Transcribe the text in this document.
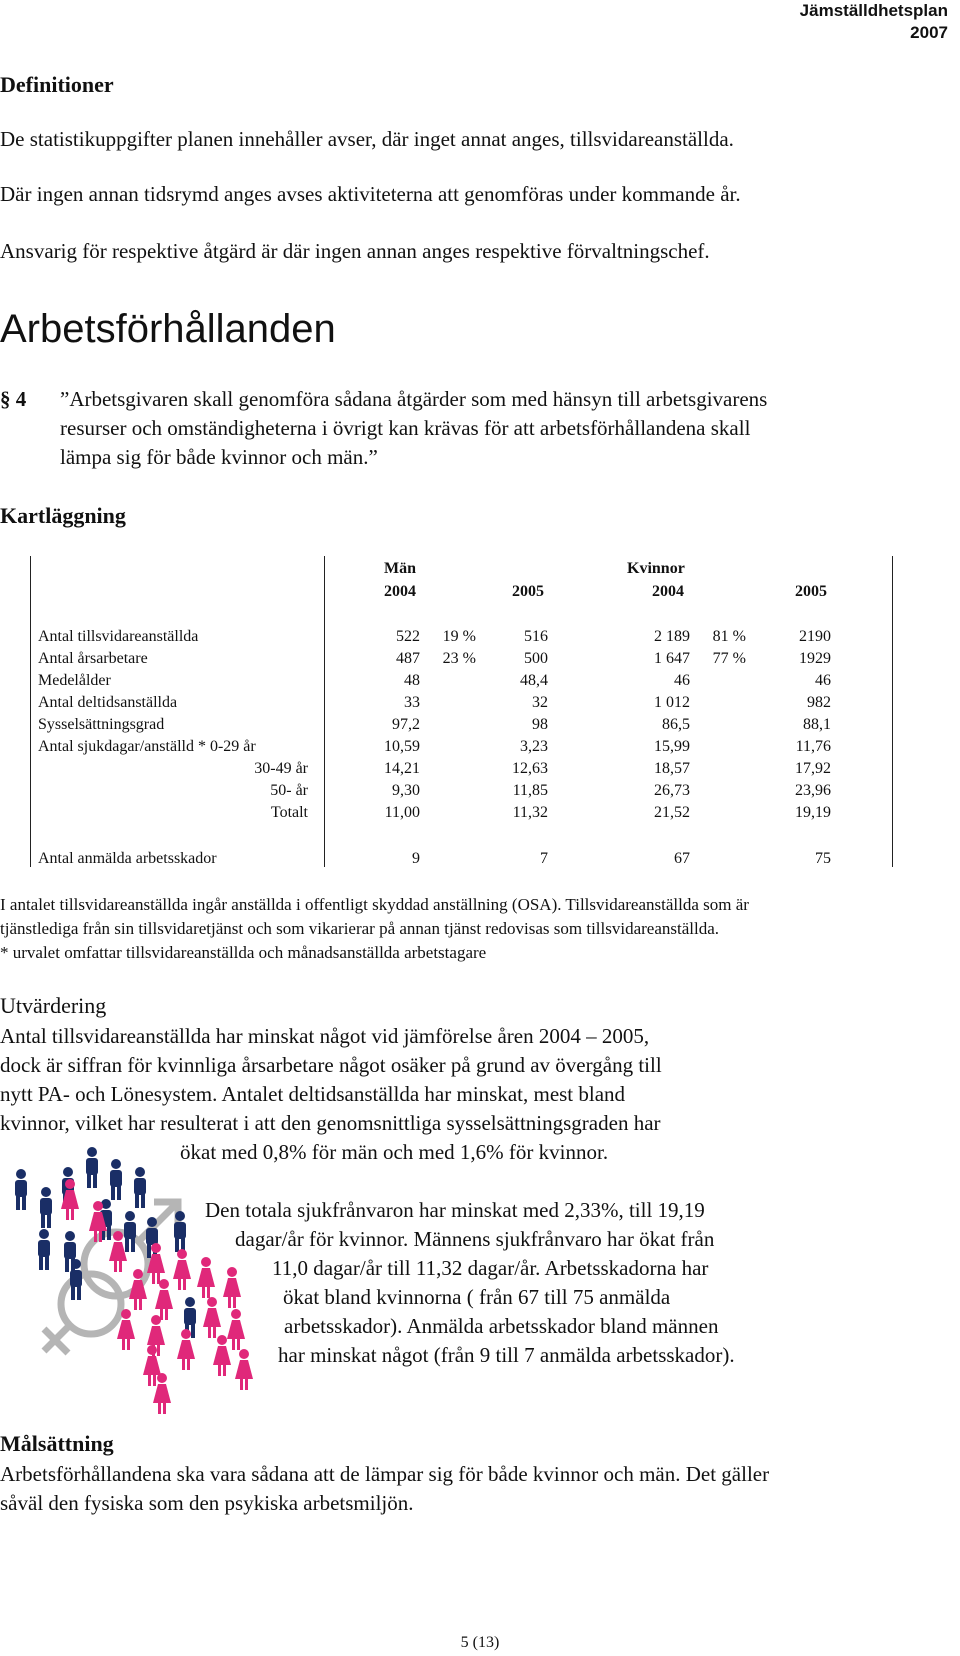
Jämställdhetsplan
2007
Definitioner
De statistikuppgifter planen innehåller avser, där inget annat anges, tillsvidareanställda.
Där ingen annan tidsrymd anges avses aktiviteterna att genomföras under kommande år.
Ansvarig för respektive åtgärd är där ingen annan anges respektive förvaltningschef.
Arbetsförhållanden
§ 4	”Arbetsgivaren skall genomföra sådana åtgärder som med hänsyn till arbetsgivarens
resurser och omständigheterna i övrigt kan krävas för att arbetsförhållandena skall
lämpa sig för både kvinnor och män.”
Kartläggning
Män	Kvinnor
2004	2005	2004	2005
Antal tillsvidareanställda	522 19 %	516	2 189 81 %	2190
Antal årsarbetare	487 23 %	500	1 647 77 %	1929
Medelålder	48	48,4	46	46
Antal deltidsanställda	33	32	1 012	982
Sysselsättningsgrad	97,2	98	86,5	88,1
Antal sjukdagar/anställd * 0-29 år	10,59	3,23	15,99	11,76
30-49 år	14,21	12,63	18,57	17,92
50- år	9,30	11,85	26,73	23,96
Totalt	11,00	11,32	21,52	19,19
Antal anmälda arbetsskador	9	7	67	75
I antalet tillsvidareanställda ingår anställda i offentligt skyddad anställning (OSA). Tillsvidareanställda som är
tjänstlediga från sin tillsvidaretjänst och som vikarierar på annan tjänst redovisas som tillsvidareanställda.
* urvalet omfattar tillsvidareanställda och månadsanställda arbetstagare
Utvärdering
Antal tillsvidareanställda har minskat något vid jämförelse åren 2004 – 2005,
dock är siffran för kvinnliga årsarbetare något osäker på grund av övergång till
nytt PA- och Lönesystem. Antalet deltidsanställda har minskat, mest bland
kvinnor, vilket har resulterat i att den genomsnittliga sysselsättningsgraden har
ökat med 0,8% för män och med 1,6% för kvinnor.
Den totala sjukfrånvaron har minskat med 2,33%, till 19,19
dagar/år för kvinnor. Männens sjukfrånvaro har ökat från
11,0 dagar/år till 11,32 dagar/år. Arbetsskadorna har
ökat bland kvinnorna ( från 67 till 75 anmälda
arbetsskador). Anmälda arbetsskador bland männen
har minskat något (från 9 till 7 anmälda arbetsskador).
Målsättning
Arbetsförhållandena ska vara sådana att de lämpar sig för både kvinnor och män. Det gäller
såväl den fysiska som den psykiska arbetsmiljön.
5 (13)
